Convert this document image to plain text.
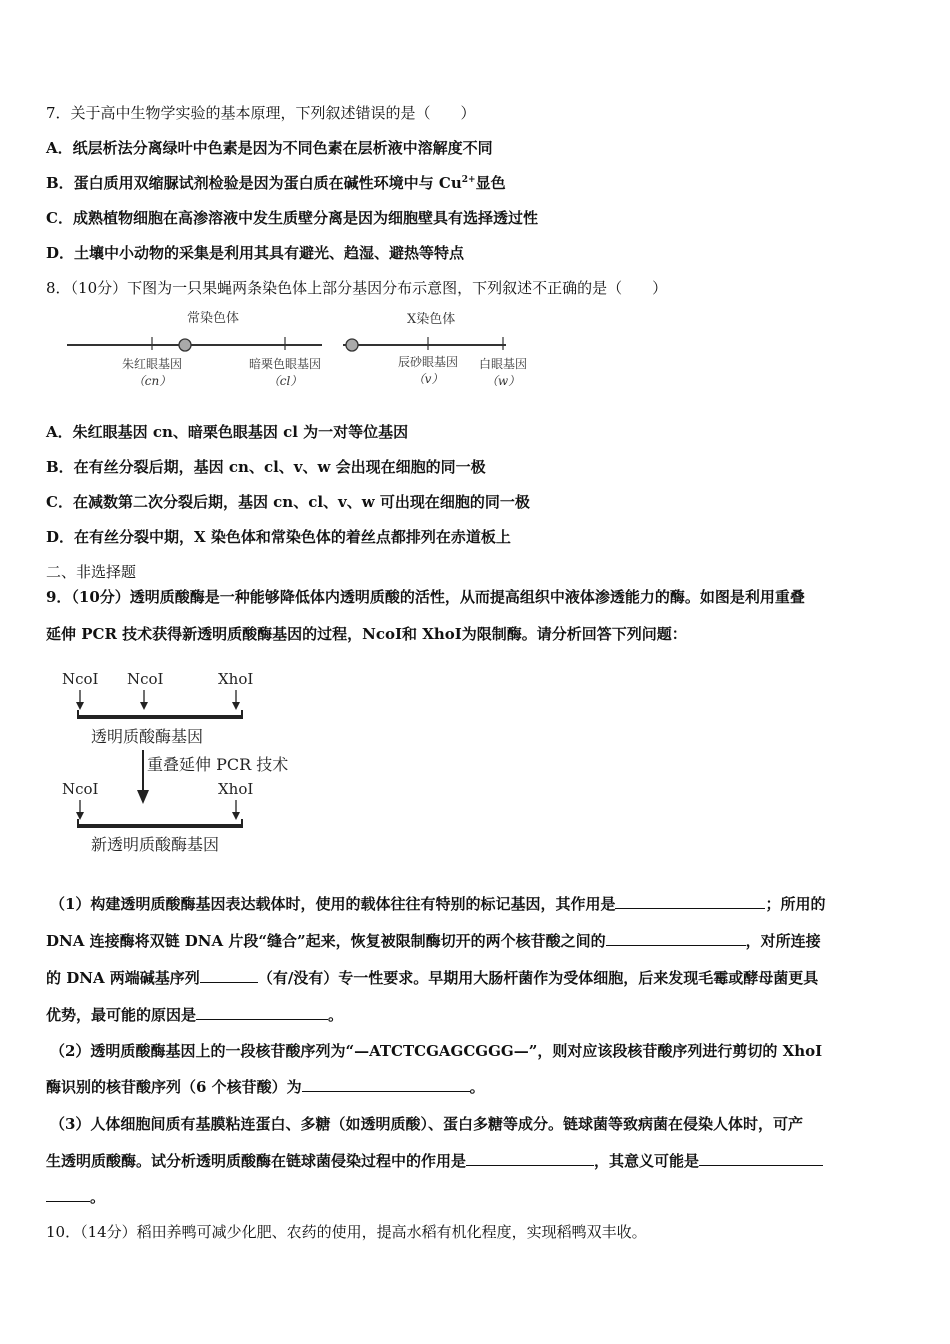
7．关于高中生物学实验的基本原理，下列叙述错误的是（　　）
A．纸层析法分离绿叶中色素是因为不同色素在层析液中溶解度不同
B．蛋白质用双缩脲试剂检验是因为蛋白质在碱性环境中与 $Cu^{2+}$显色
C．成熟植物细胞在高渗溶液中发生质壁分离是因为细胞壁具有选择透过性
D．土壤中小动物的采集是利用其具有避光、趋湿、避热等特点
8．（10分）下图为一只果蝇两条染色体上部分基因分布示意图，下列叙述不正确的是（　　）
常染色体	X染色体
朱红眼基因
（cn）
暗栗色眼基因
（cl）
辰砂眼基因
（v）
白眼基因
（w）
A．朱红眼基因 cn、暗栗色眼基因 cl 为一对等位基因
B．在有丝分裂后期，基因 cn、cl、v、w 会出现在细胞的同一极
C．在减数第二次分裂后期，基因 cn、cl、v、w 可出现在细胞的同一极
D．在有丝分裂中期，X 染色体和常染色体的着丝点都排列在赤道板上
二、非选择题
9．（10分）透明质酸酶是一种能够降低体内透明质酸的活性，从而提高组织中液体渗透能力的酶。如图是利用重叠
延伸 PCR 技术获得新透明质酸酶基因的过程，NcoⅠ和 XhoⅠ为限制酶。请分析回答下列问题：
NcoI NcoI	XhoI
透明质酸酶基因
重叠延伸 PCR 技术
NcoI	XhoI
新透明质酸酶基因
（1）构建透明质酸酶基因表达载体时，使用的载体往往有特别的标记基因，其作用是	；所用的
DNA 连接酶将双链 DNA 片段“缝合”起来，恢复被限制酶切开的两个核苷酸之间的	，对所连接
的 DNA 两端碱基序列	（有/没有）专一性要求。早期用大肠杆菌作为受体细胞，后来发现毛霉或酵母菌更具
优势，最可能的原因是	。
（2）透明质酸酶基因上的一段核苷酸序列为“—ATCTCGAGCGGG—”，则对应该段核苷酸序列进行剪切的 XhoⅠ
酶识别的核苷酸序列（6 个核苷酸）为	。
（3）人体细胞间质有基膜粘连蛋白、多糖（如透明质酸）、蛋白多糖等成分。链球菌等致病菌在侵染人体时，可产
生透明质酸酶。试分析透明质酸酶在链球菌侵染过程中的作用是	，其意义可能是
。
10．（14分）稻田养鸭可减少化肥、农药的使用，提高水稻有机化程度，实现稻鸭双丰收。
